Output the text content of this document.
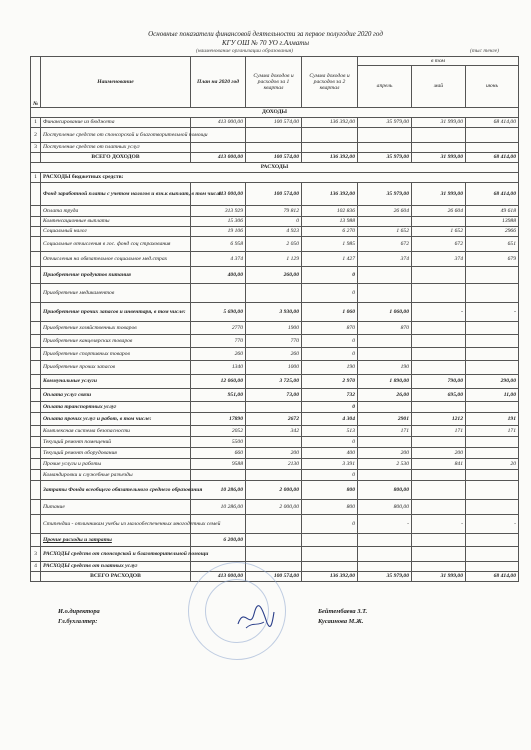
Основные показатели финансовой деятельности за первое полугодие 2020 год
КГУ ОШ № 70 УО г.Алматы
(наименование организации образования)	(тыс тенге)
№	Наименование	План на 2020 год	Сумма доходов и расходов за 1 квартал	Сумма доходов и расходов за 2 квартал	в том		
					апрель	май	июнь
ДОХОДЫ							
1	Финансирование из бюджета	413 000,00	100 574,00	136 392,00	35 979,00	31 999,00	68 414,00
2	Поступление средств от спонсорской и благотворительной помощи						
3	Поступление средств от платных услуг						
	ВСЕГО ДОХОДОВ	413 000,00	100 574,00	136 392,00	35 979,00	31 999,00	68 414,00
РАСХОДЫ							
1	РАСХОДЫ бюджетных средств:						
	Фонд заработной платы с учетом налогов и взн.к выплат, в том числе:	413 000,00	100 574,00	136 392,00	35 979,00	31 999,00	68 414,00
	Оплата труда	313 929	79 812	102 836	26 604	26 604	49 618
	Компенсационные выплаты	15 306	0	13 988			13988
	Социальный налог	19 106	4 923	6 270	1 652	1 652	2966
	Социальные отчисления в гос. фонд соц страхования	6 958	2 050	1 985	672	672	651
	Отчисления на обязательное социальное мед.страх	4 374	1 129	1 427	374	374	679
	Приобретение продуктов питания	400,00	260,00	0			
	Приобретение медикаментов			0			
	Приобретение прочих запасов и инвентаря, в том числе:	5 690,00	3 930,00	1 060	1 060,00	-	-
	Приобретение хозяйственных товаров	2770	1900	870	870		
	Приобретение канцелярских товаров	770	770	0			
	Приобретение спортивных товаров	260	260	0			
	Приобретение прочих запасов	1340	1000	190	190		
	Коммунальные услуги	12 060,00	3 725,00	2 970	1 890,00	790,00	290,00
	Оплата услуг связи	951,00	73,00	732	26,00	695,00	11,00
	Оплата транспортных услуг			0			
	Оплата прочих услуг и работ, в том числе:	17890	2672	4 304	2901	1212	191
	Комплексная система безопасности	2052	342	513	171	171	171
	Текущий ремонт помещений	5500		0			
	Текущий ремонт оборудования	660	200	400	200	200	
	Прочие услуги и работы	9588	2130	3 391	2 530	841	20
	Командировки и служебные разъезды			0			
	Затраты Фонда всеобщего обязательного среднего образования	10 286,00	2 000,00	800	800,00		
	Питание	10 286,00	2 000,00	800	800,00		
	Стипендии - отличникам учебы из малообеспеченных многодетных семей			0	-	-	-
	Прочие расходы и затраты	6 200,00					
3	РАСХОДЫ средств от спонсорской и благотворительной помощи						
4	РАСХОДЫ средств от платных услуг						
	ВСЕГО РАСХОДОВ	413 000,00	100 574,00	136 392,00	35 979,00	31 999,00	68 414,00
И.о.директора	Бейтембаева З.Т.
Гл.бухгалтер:	Кусаинова М.Ж.
